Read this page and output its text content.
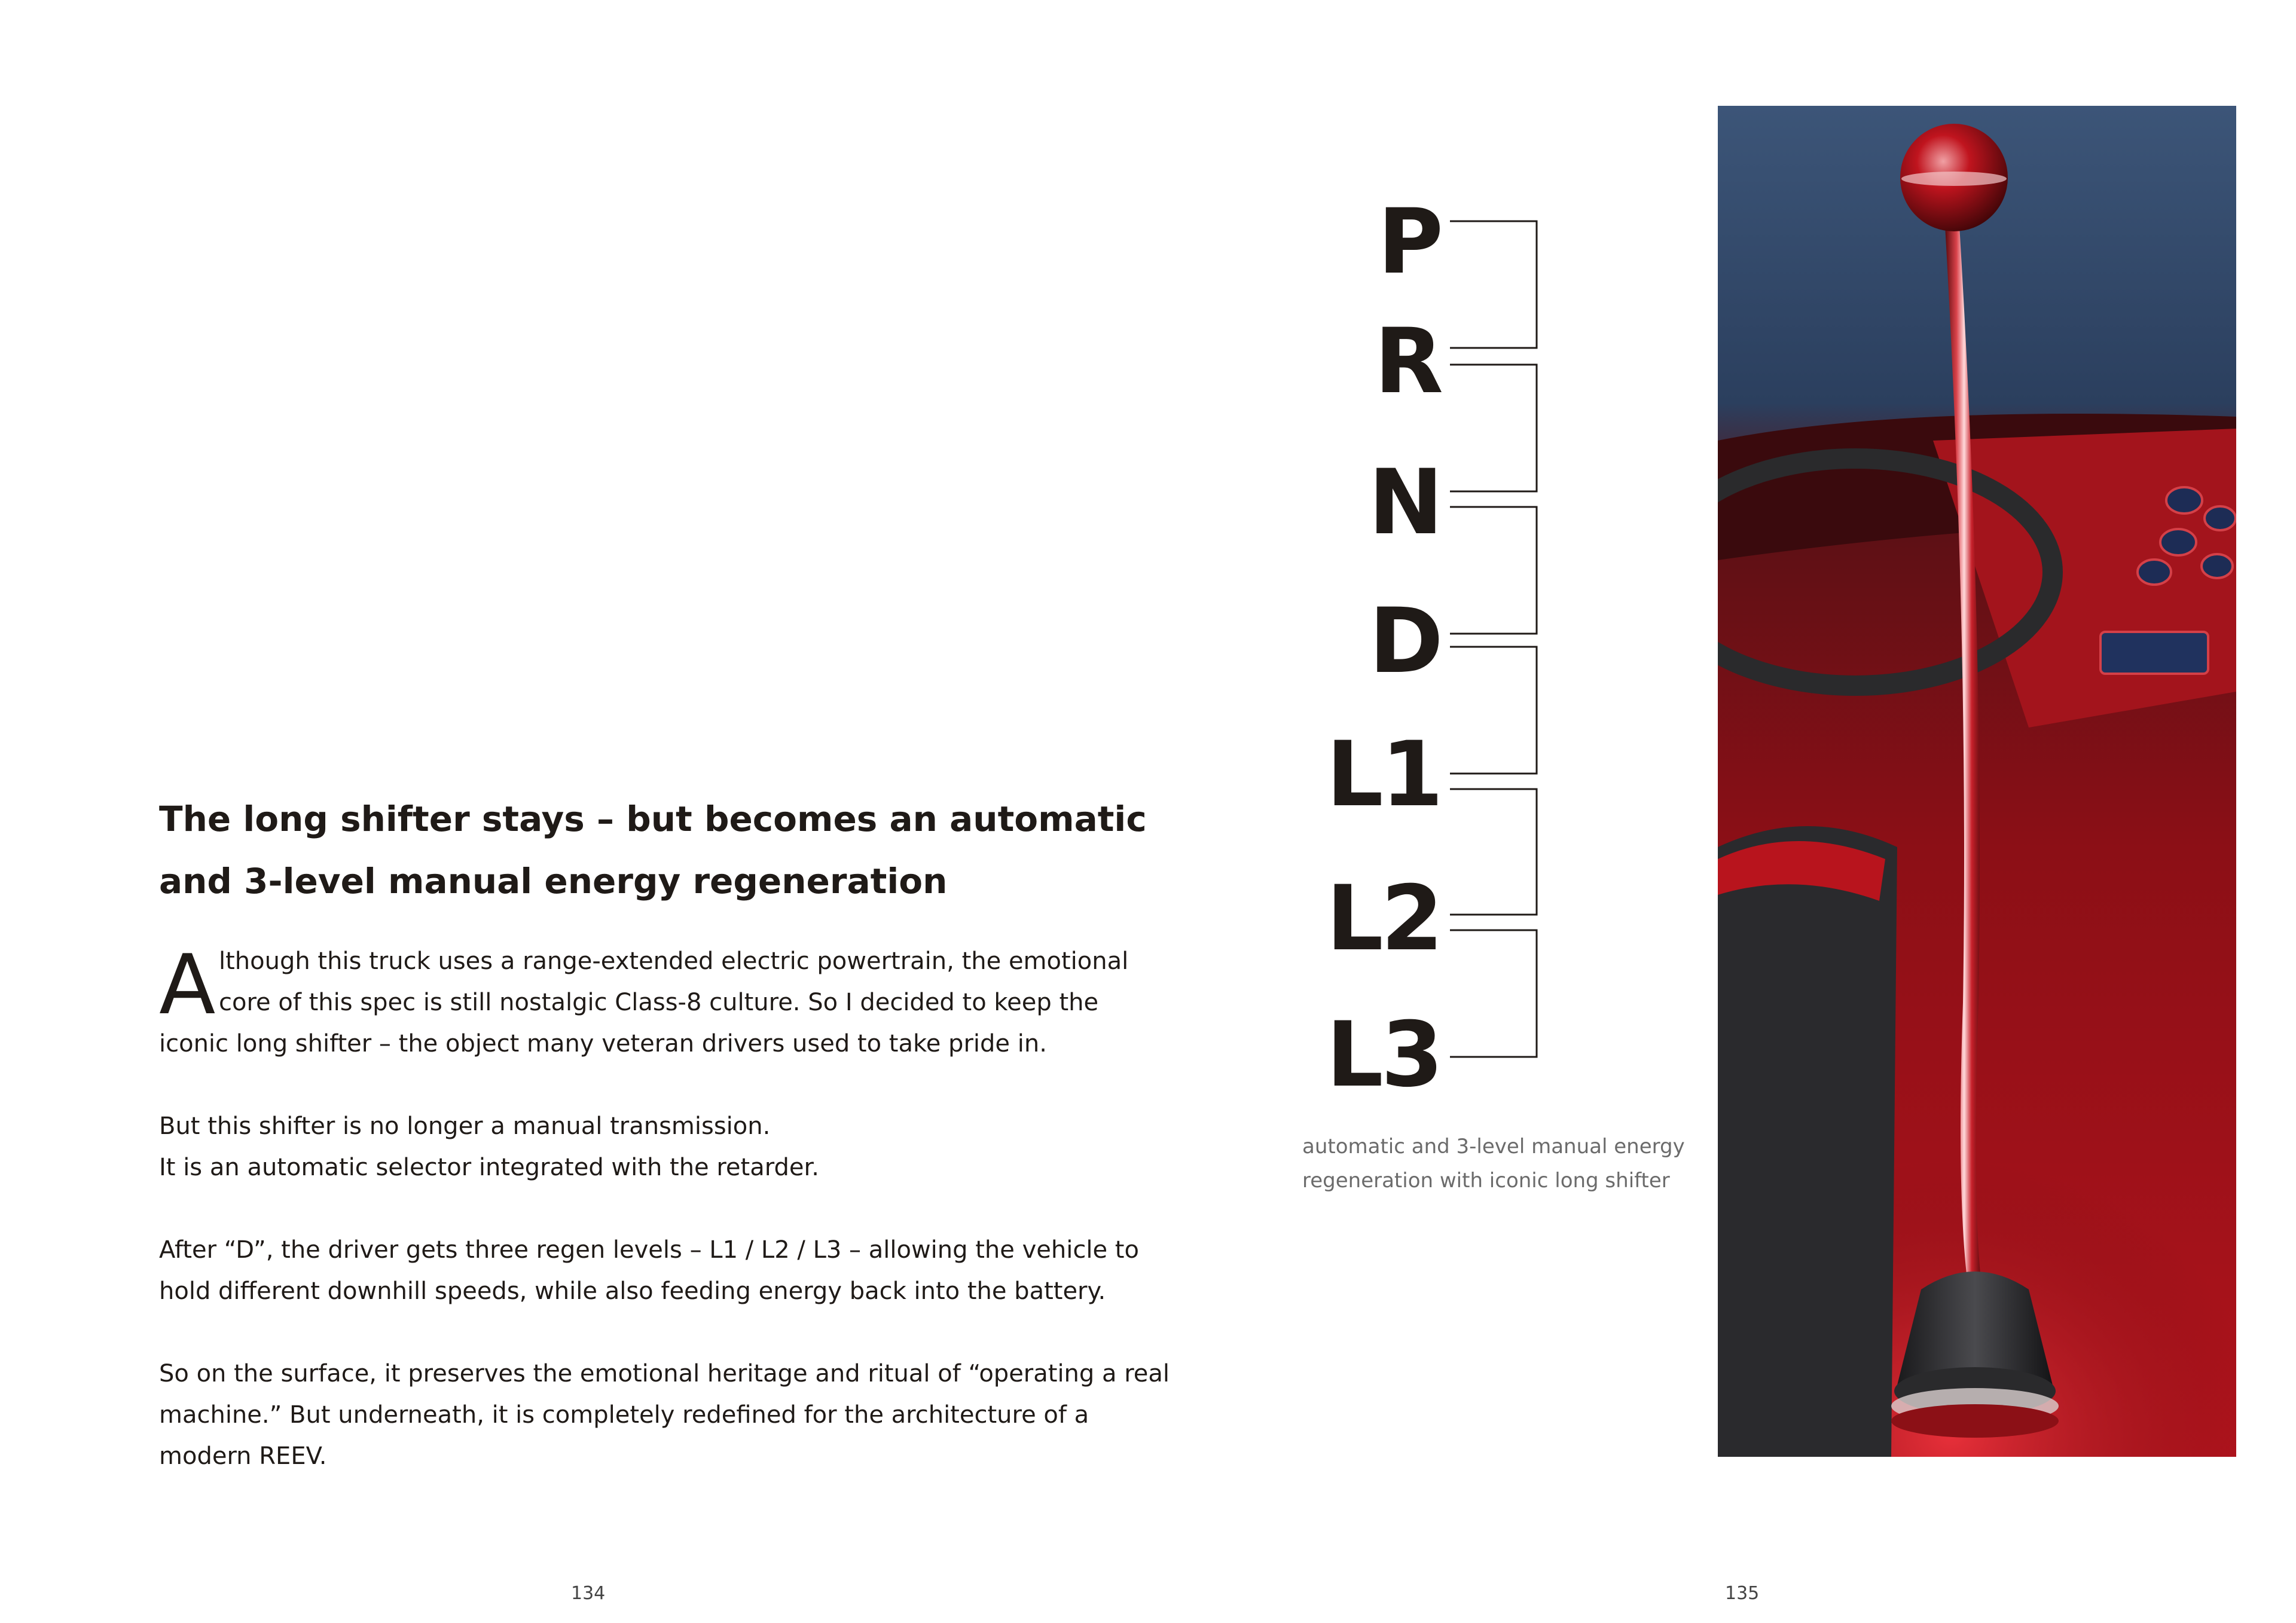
The long shifter stays – but becomes an automatic
and 3-level manual energy regeneration
A lthough this truck uses a range-extended electric powertrain, the emotional
core of this spec is still nostalgic Class-8 culture. So I decided to keep the
iconic long shifter – the object many veteran drivers used to take pride in.
But this shifter is no longer a manual transmission.
It is an automatic selector integrated with the retarder.
After “D”, the driver gets three regen levels – L1 / L2 / L3 – allowing the vehicle to
hold different downhill speeds, while also feeding energy back into the battery.
So on the surface, it preserves the emotional heritage and ritual of “operating a real
machine.” But underneath, it is completely redefined for the architecture of a
modern REEV.
P
R
N
D
L1
L2
L3
automatic and 3-level manual energy
regeneration with iconic long shifter
134	135
